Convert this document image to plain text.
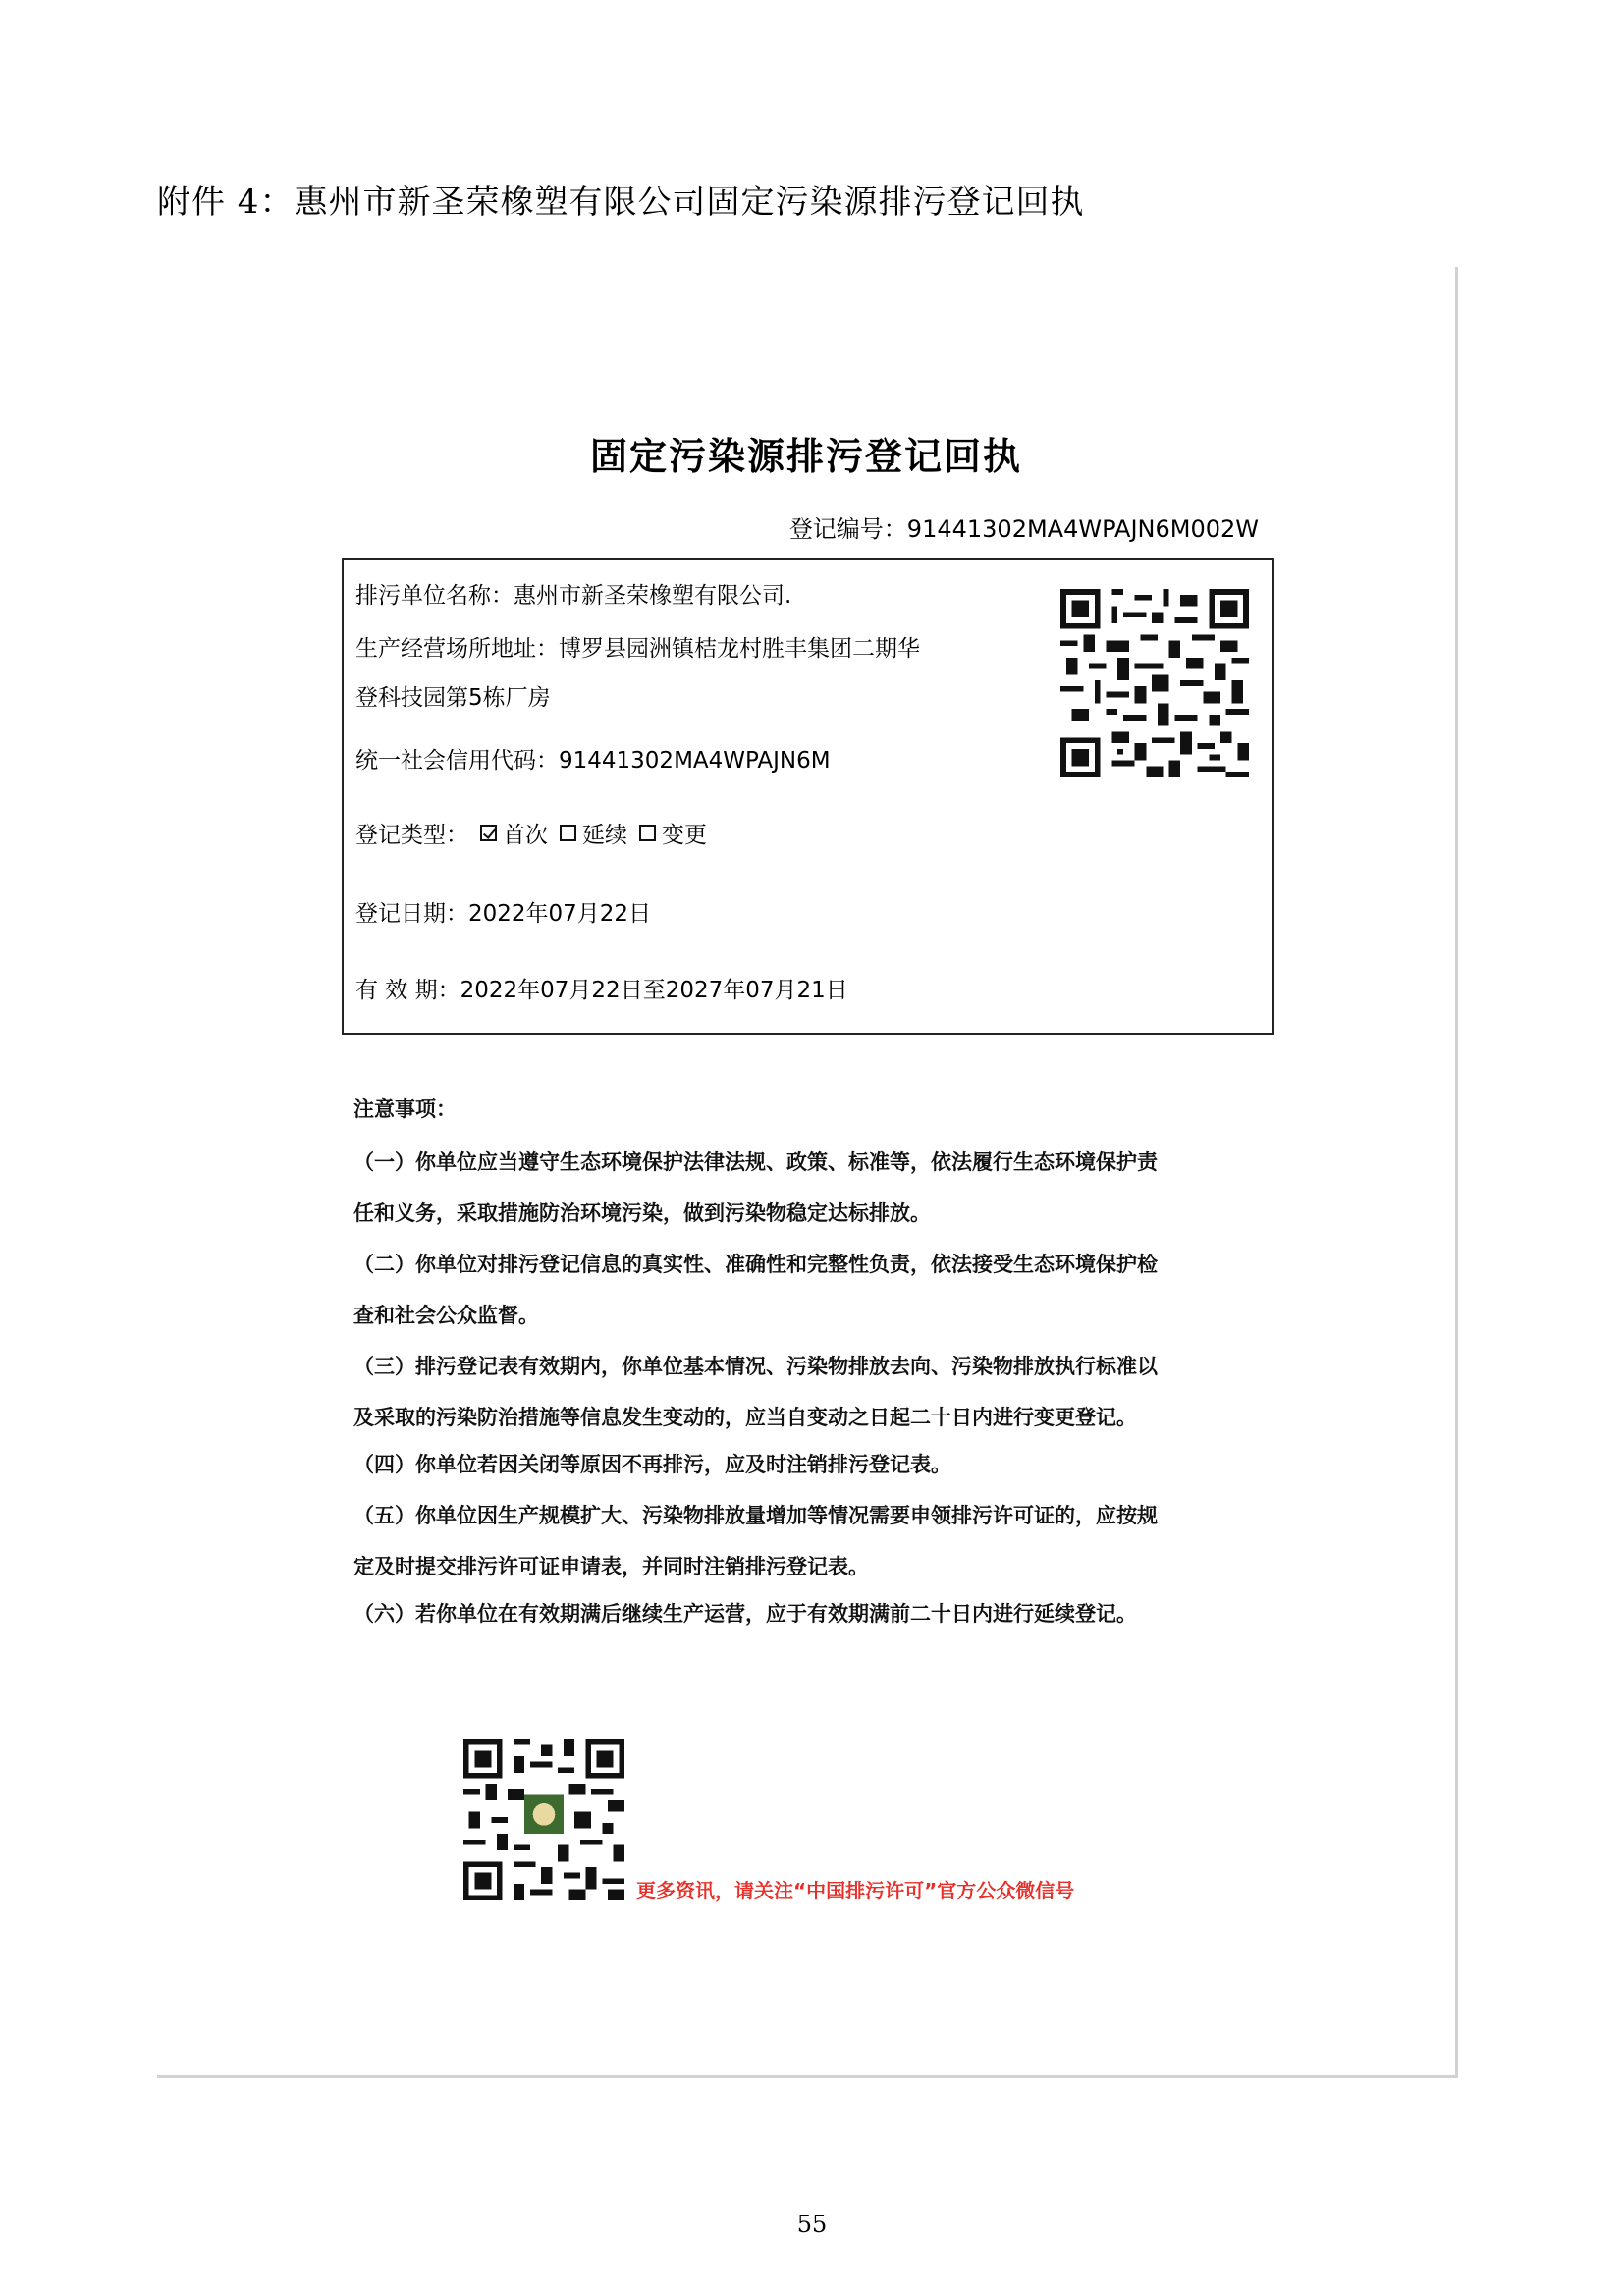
附件 4：惠州市新圣荣橡塑有限公司固定污染源排污登记回执
固定污染源排污登记回执
登记编号：91441302MA4WPAJN6M002W
排污单位名称：惠州市新圣荣橡塑有限公司.
生产经营场所地址：博罗县园洲镇桔龙村胜丰集团二期华
登科技园第5栋厂房
统一社会信用代码：91441302MA4WPAJN6M
登记类型： 首次 延续 变更
登记日期：2022年07月22日
有 效 期：2022年07月22日至2027年07月21日
注意事项：
（一）你单位应当遵守生态环境保护法律法规、政策、标准等，依法履行生态环境保护责
任和义务，采取措施防治环境污染，做到污染物稳定达标排放。
（二）你单位对排污登记信息的真实性、准确性和完整性负责，依法接受生态环境保护检
查和社会公众监督。
（三）排污登记表有效期内，你单位基本情况、污染物排放去向、污染物排放执行标准以
及采取的污染防治措施等信息发生变动的，应当自变动之日起二十日内进行变更登记。
（四）你单位若因关闭等原因不再排污，应及时注销排污登记表。
（五）你单位因生产规模扩大、污染物排放量增加等情况需要申领排污许可证的，应按规
定及时提交排污许可证申请表，并同时注销排污登记表。
（六）若你单位在有效期满后继续生产运营，应于有效期满前二十日内进行延续登记。
更多资讯，请关注“中国排污许可”官方公众微信号
55
